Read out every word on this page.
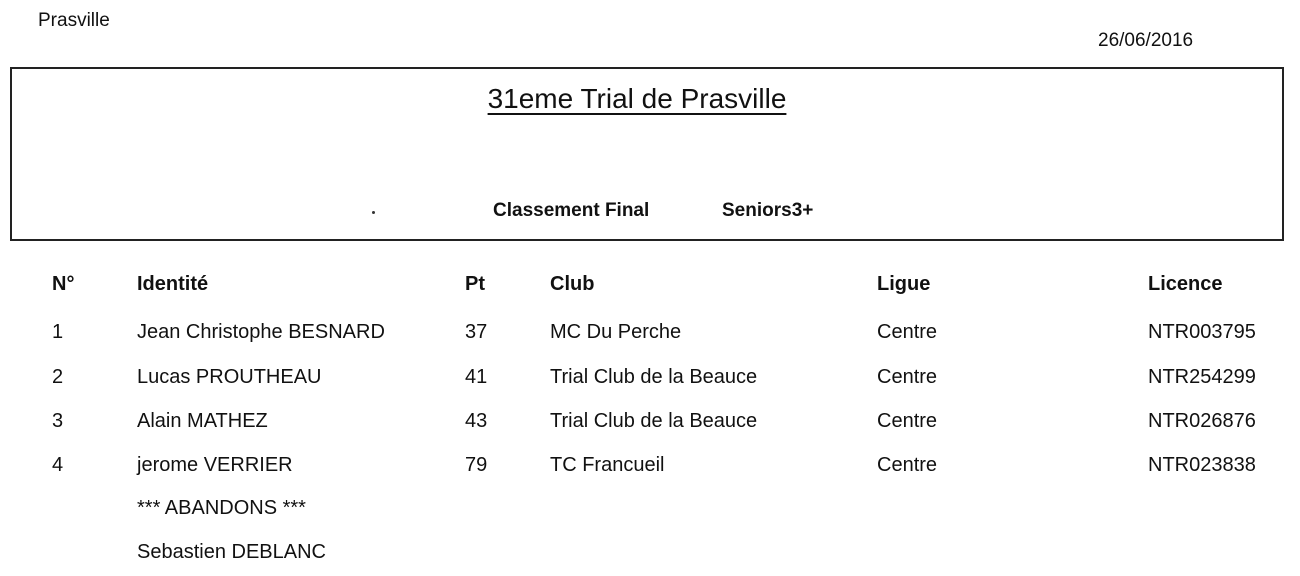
Prasville
26/06/2016
31eme Trial de Prasville
Classement Final	Seniors3+
N°	Identité	Pt	Club	Ligue	Licence
1	Jean Christophe BESNARD	37	MC Du Perche	Centre	NTR003795
2	Lucas PROUTHEAU	41	Trial Club de la Beauce	Centre	NTR254299
3	Alain MATHEZ	43	Trial Club de la Beauce	Centre	NTR026876
4	jerome VERRIER	79	TC Francueil	Centre	NTR023838
*** ABANDONS ***
Sebastien DEBLANC
